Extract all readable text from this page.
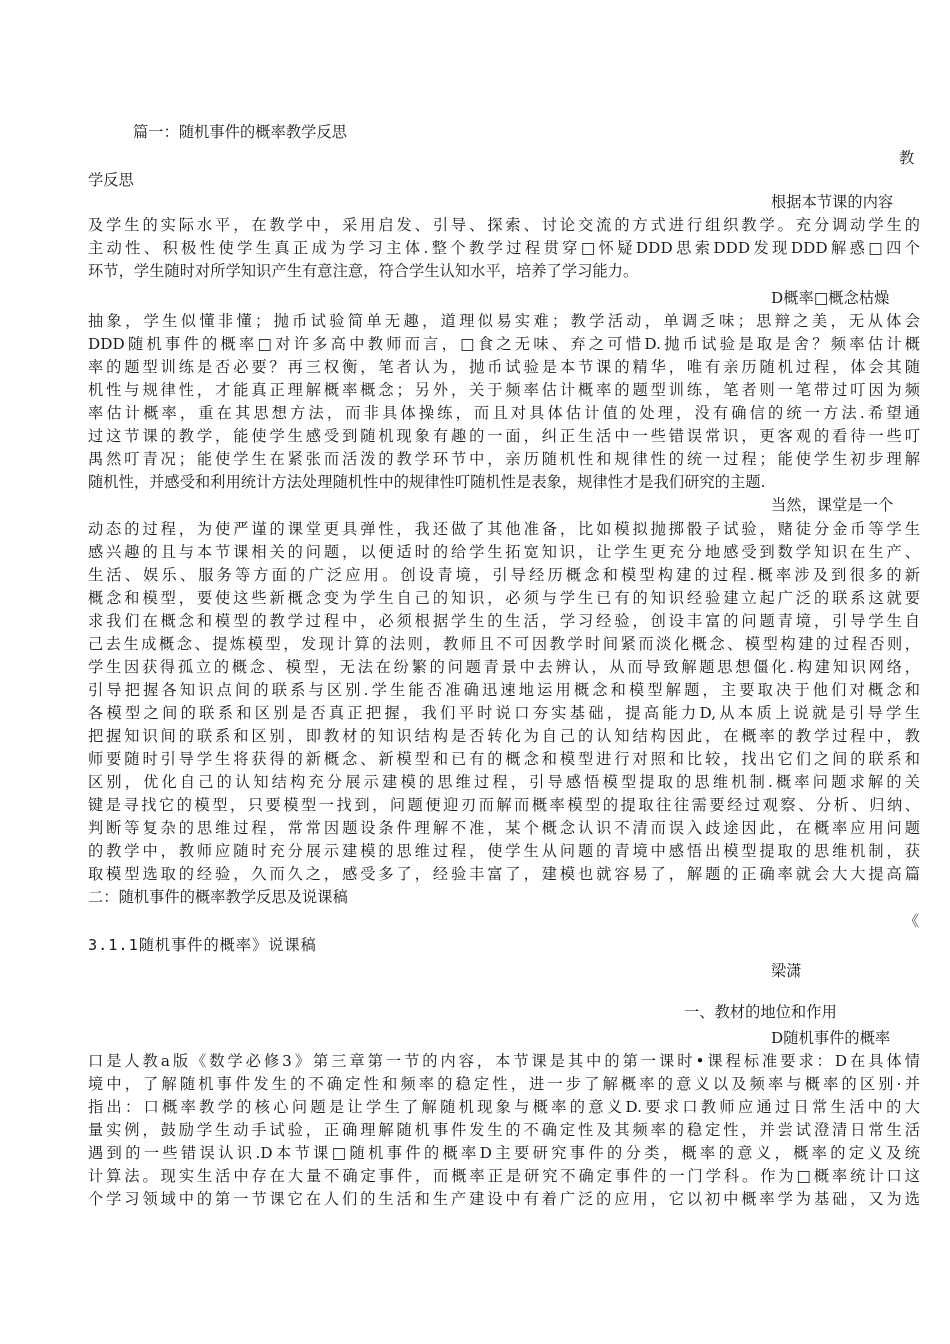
篇一：随机事件的概率教学反思
教
学反思
根据本节课的内容
及学生的实际水平，在教学中，采用启发、引导、探索、讨论交流的方式进行组织教学。充分调动学生的
主动性、积极性使学生真正成为学习主体.整个教学过程贯穿□怀疑DDD思索DDD发现DDD解惑□四个
环节，学生随时对所学知识产生有意注意，符合学生认知水平，培养了学习能力。
D概率□概念枯燥
抽象，学生似懂非懂；抛币试验简单无趣，道理似易实难；教学活动，单调乏味；思辩之美，无从体会
DDD随机事件的概率□对许多高中教师而言，□食之无味、弃之可惜D.抛币试验是取是舍？频率估计概
率的题型训练是否必要？再三权衡，笔者认为，抛币试验是本节课的精华，唯有亲历随机过程，体会其随
机性与规律性，才能真正理解概率概念；另外，关于频率估计概率的题型训练，笔者则一笔带过叮因为频
率估计概率，重在其思想方法，而非具体操练，而且对具体估计值的处理，没有确信的统一方法.希望通
过这节课的教学，能使学生感受到随机现象有趣的一面，纠正生活中一些错误常识，更客观的看待一些叮
禺然叮青况；能使学生在紧张而活泼的教学环节中，亲历随机性和规律性的统一过程；能使学生初步理解
随机性，并感受和利用统计方法处理随机性中的规律性叮随机性是表象，规律性才是我们研究的主题.
当然，课堂是一个
动态的过程，为使严谨的课堂更具弹性，我还做了其他准备，比如模拟抛掷骰子试验，赌徒分金币等学生
感兴趣的且与本节课相关的问题，以便适时的给学生拓宽知识，让学生更充分地感受到数学知识在生产、
生活、娱乐、服务等方面的广泛应用。创设青境，引导经历概念和模型构建的过程.概率涉及到很多的新
概念和模型，要使这些新概念变为学生自己的知识，必须与学生已有的知识经验建立起广泛的联系这就要
求我们在概念和模型的教学过程中，必须根据学生的生活，学习经验，创设丰富的问题青境，引导学生自
己去生成概念、提炼模型，发现计算的法则，教师且不可因教学时间紧而淡化概念、模型构建的过程否则，
学生因获得孤立的概念、模型，无法在纷繁的问题青景中去辨认，从而导致解题思想僵化.构建知识网络，
引导把握各知识点间的联系与区别.学生能否准确迅速地运用概念和模型解题，主要取决于他们对概念和
各模型之间的联系和区别是否真正把握，我们平时说口夯实基础，提高能力D,从本质上说就是引导学生
把握知识间的联系和区别，即教材的知识结构是否转化为自己的认知结构因此，在概率的教学过程中，教
师要随时引导学生将获得的新概念、新模型和已有的概念和模型进行对照和比较，找出它们之间的联系和
区别，优化自己的认知结构充分展示建模的思维过程，引导感悟模型提取的思维机制.概率问题求解的关
键是寻找它的模型，只要模型一找到，问题便迎刃而解而概率模型的提取往往需要经过观察、分析、归纳、
判断等复杂的思维过程，常常因题设条件理解不准，某个概念认识不清而误入歧途因此，在概率应用问题
的教学中，教师应随时充分展示建模的思维过程，使学生从问题的青境中感悟出模型提取的思维机制，获
取模型选取的经验，久而久之，感受多了，经验丰富了，建模也就容易了，解题的正确率就会大大提高篇
二：随机事件的概率教学反思及说课稿
《
3.1.1随机事件的概率》说课稿
梁潇
一、教材的地位和作用
D随机事件的概率
口是人教a版《数学必修3》第三章第一节的内容，本节课是其中的第一课时•课程标准要求：D在具体情
境中，了解随机事件发生的不确定性和频率的稳定性，进一步了解概率的意义以及频率与概率的区别·并
指出：口概率教学的核心问题是让学生了解随机现象与概率的意义D.要求口教师应通过日常生活中的大
量实例，鼓励学生动手试验，正确理解随机事件发生的不确定性及其频率的稳定性，并尝试澄清日常生活
遇到的一些错误认识.D本节课□随机事件的概率D主要研究事件的分类，概率的意义，概率的定义及统
计算法。现实生活中存在大量不确定事件，而概率正是研究不确定事件的一门学科。作为□概率统计口这
个学习领域中的第一节课它在人们的生活和生产建设中有着广泛的应用，它以初中概率学为基础，又为选
